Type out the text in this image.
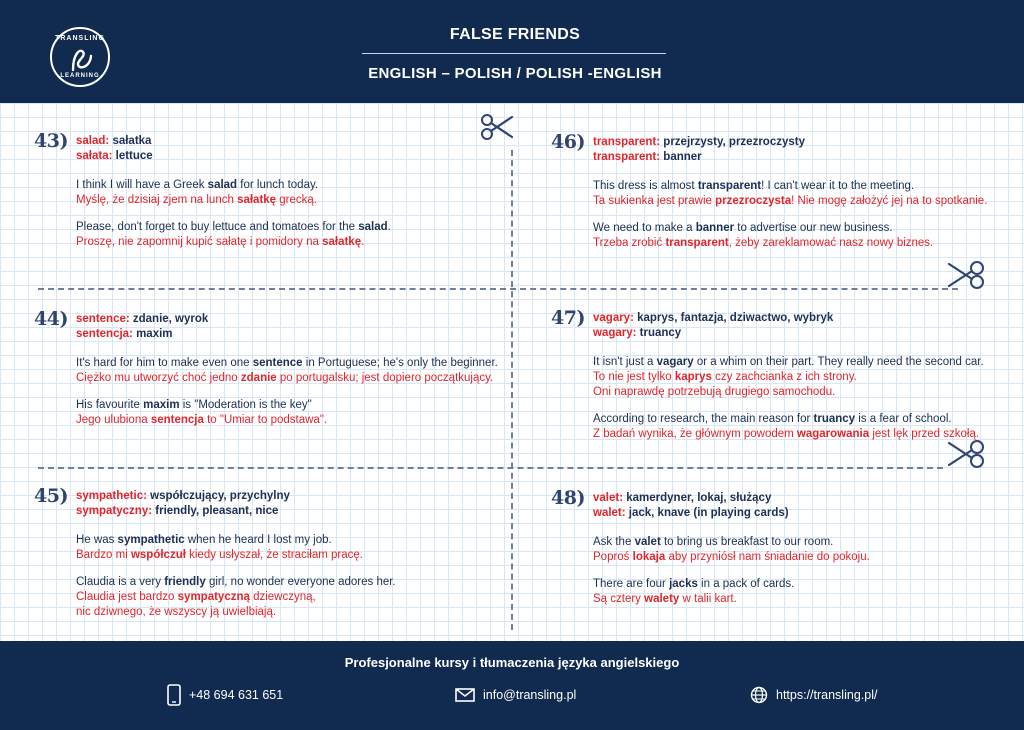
TRANSLING
LEARNING
FALSE FRIENDS
ENGLISH – POLISH / POLISH -ENGLISH
43) salad: sałatka
sałata: lettuce
I think I will have a Greek salad for lunch today.
Myślę, że dzisiaj zjem na lunch sałatkę grecką.
Please, don't forget to buy lettuce and tomatoes for the salad.
Proszę, nie zapomnij kupić sałatę i pomidory na sałatkę.
44) sentence: zdanie, wyrok
sentencja: maxim
It's hard for him to make even one sentence in Portuguese; he's only the beginner.
Ciężko mu utworzyć choć jedno zdanie po portugalsku; jest dopiero początkujący.
His favourite maxim is "Moderation is the key"
Jego ulubiona sentencja to "Umiar to podstawa".
45) sympathetic: współczujący, przychylny
sympatyczny: friendly, pleasant, nice
He was sympathetic when he heard I lost my job.
Bardzo mi współczuł kiedy usłyszał, że straciłam pracę.
Claudia is a very friendly girl, no wonder everyone adores her.
Claudia jest bardzo sympatyczną dziewczyną,
nic dziwnego, że wszyscy ją uwielbiają.
46) transparent: przejrzysty, przezroczysty
transparent: banner
This dress is almost transparent! I can't wear it to the meeting.
Ta sukienka jest prawie przezroczysta! Nie mogę założyć jej na to spotkanie.
We need to make a banner to advertise our new business.
Trzeba zrobić transparent, żeby zareklamować nasz nowy biznes.
47) vagary: kaprys, fantazja, dziwactwo, wybryk
wagary: truancy
It isn't just a vagary or a whim on their part. They really need the second car.
To nie jest tylko kaprys czy zachcianka z ich strony.
Oni naprawdę potrzebują drugiego samochodu.
According to research, the main reason for truancy is a fear of school.
Z badań wynika, że głównym powodem wagarowania jest lęk przed szkołą.
48) valet: kamerdyner, lokaj, służący
walet: jack, knave (in playing cards)
Ask the valet to bring us breakfast to our room.
Poproś lokaja aby przyniósł nam śniadanie do pokoju.
There are four jacks in a pack of cards.
Są cztery walety w talii kart.
Profesjonalne kursy i tłumaczenia języka angielskiego
+48 694 631 651	info@transling.pl	https://transling.pl/
